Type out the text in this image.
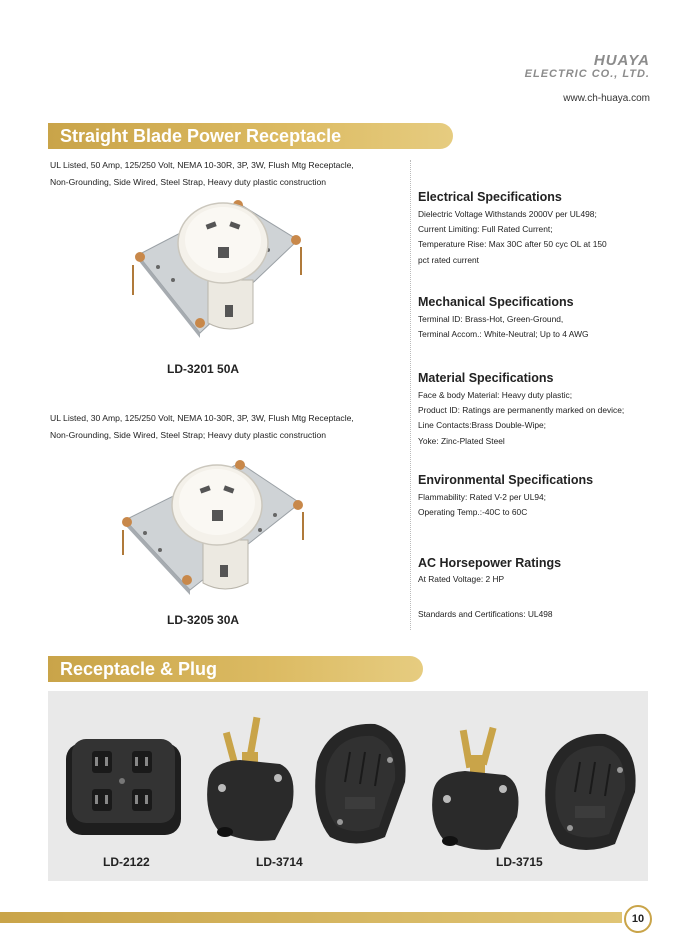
HUAYA
ELECTRIC CO., LTD.
www.ch-huaya.com
Straight Blade Power Receptacle
UL Listed, 50 Amp, 125/250 Volt, NEMA 10-30R, 3P, 3W, Flush Mtg Receptacle,
Non-Grounding, Side Wired, Steel Strap, Heavy duty plastic construction
LD-3201 50A
UL Listed, 30 Amp, 125/250 Volt, NEMA 10-30R, 3P, 3W, Flush Mtg Receptacle,
Non-Grounding, Side Wired, Steel Strap; Heavy duty plastic construction
LD-3205 30A
Electrical Specifications
Dielectric Voltage Withstands 2000V per UL498;
Current Limiting: Full Rated Current;
Temperature Rise: Max 30C after 50 cyc OL at 150
pct rated current
Mechanical Specifications
Terminal ID: Brass-Hot, Green-Ground,
Terminal Accom.: White-Neutral; Up to 4 AWG
Material Specifications
Face & body Material: Heavy duty plastic;
Product ID: Ratings are permanently marked on device;
Line Contacts:Brass Double-Wipe;
Yoke: Zinc-Plated Steel
Environmental Specifications
Flammability: Rated V-2 per UL94;
Operating Temp.:-40C to 60C
AC Horsepower Ratings
At Rated Voltage: 2 HP
Standards and Certifications: UL498
Receptacle & Plug
LD-2122	LD-3714	LD-3715
10
